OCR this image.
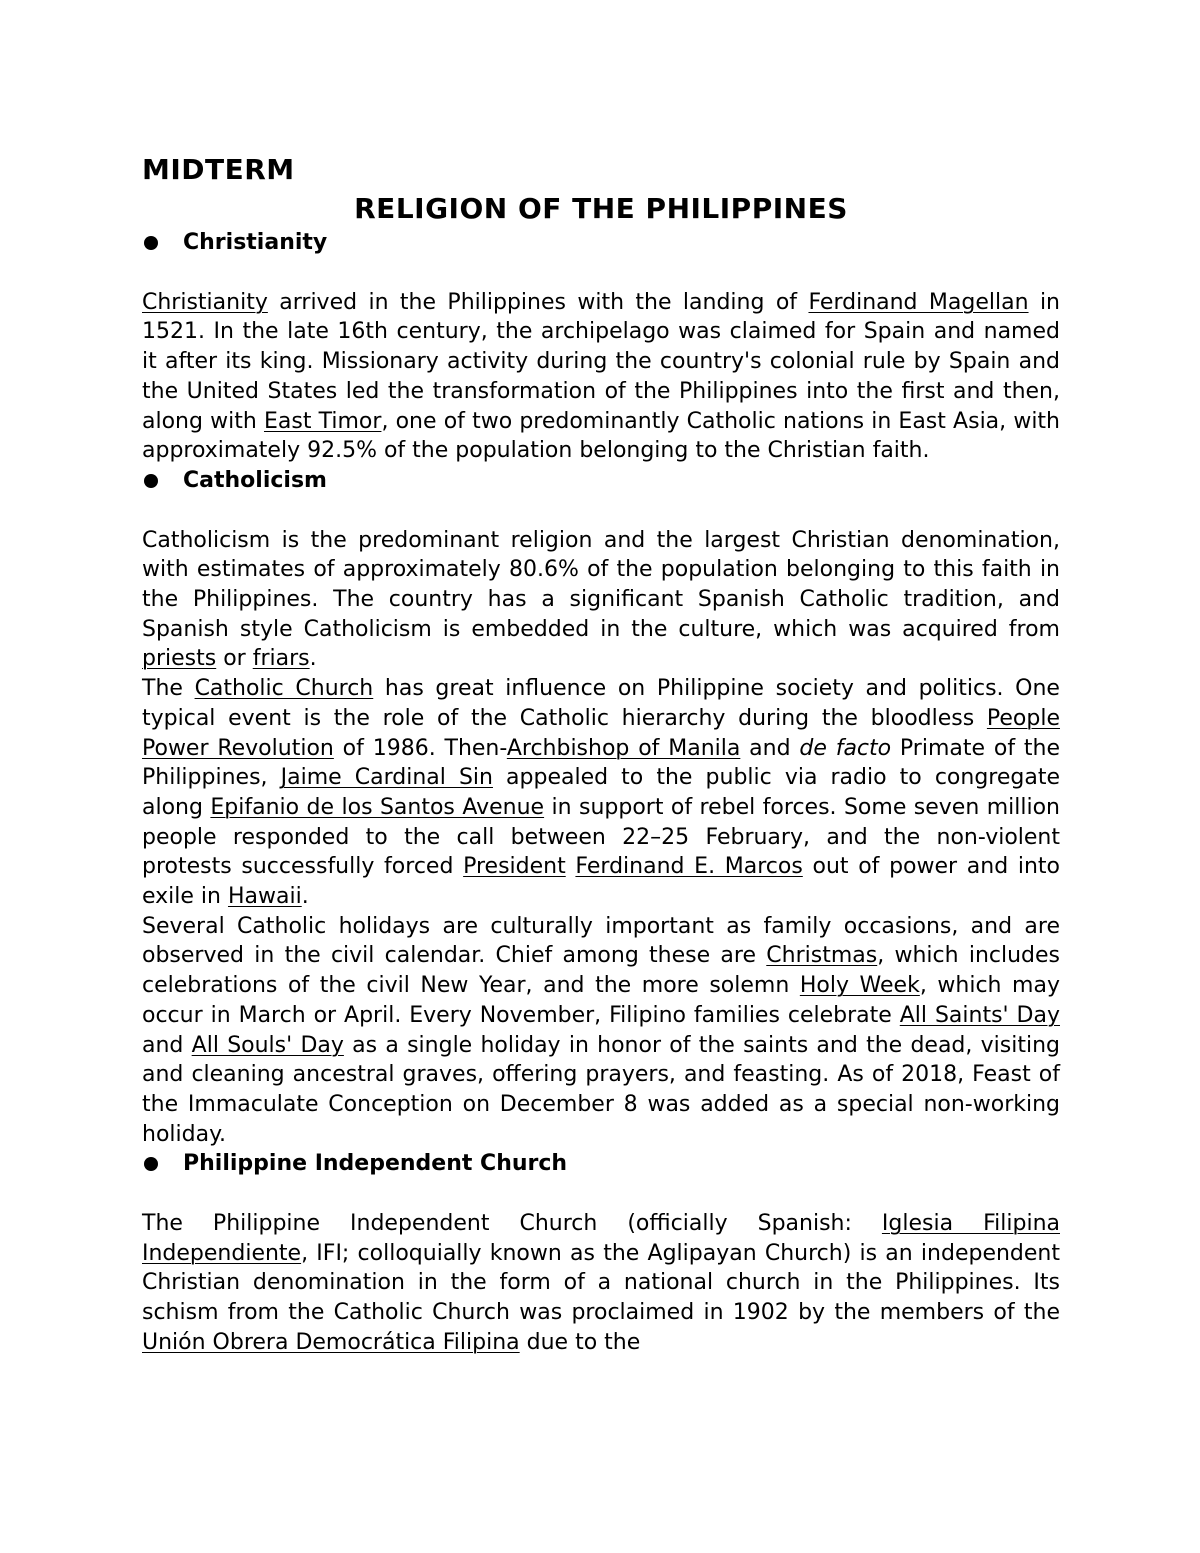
MIDTERM
RELIGION OF THE PHILIPPINES
Christianity

Christianity arrived in the Philippines with the landing of Ferdinand Magellan in 1521. In the late 16th century, the archipelago was claimed for Spain and named it after its king. Missionary activity during the country's colonial rule by Spain and the United States led the transformation of the Philippines into the first and then, along with East Timor, one of two predominantly Catholic nations in East Asia, with approximately 92.5% of the population belonging to the Christian faith.

Catholicism

Catholicism is the predominant religion and the largest Christian denomination, with estimates of approximately 80.6% of the population belonging to this faith in the Philippines. The country has a significant Spanish Catholic tradition, and Spanish style Catholicism is embedded in the culture, which was acquired from priests or friars.

The Catholic Church has great influence on Philippine society and politics. One typical event is the role of the Catholic hierarchy during the bloodless People Power Revolution of 1986. Then-Archbishop of Manila and de facto Primate of the Philippines, Jaime Cardinal Sin appealed to the public via radio to congregate along Epifanio de los Santos Avenue in support of rebel forces. Some seven million people responded to the call between 22–25 February, and the non-violent protests successfully forced President Ferdinand E. Marcos out of power and into exile in Hawaii.

Several Catholic holidays are culturally important as family occasions, and are observed in the civil calendar. Chief among these are Christmas, which includes celebrations of the civil New Year, and the more solemn Holy Week, which may occur in March or April. Every November, Filipino families celebrate All Saints' Day and All Souls' Day as a single holiday in honor of the saints and the dead, visiting and cleaning ancestral graves, offering prayers, and feasting. As of 2018, Feast of the Immaculate Conception on December 8 was added as a special non-working holiday.

Philippine Independent Church

The Philippine Independent Church (officially Spanish: Iglesia Filipina Independiente, IFI; colloquially known as the Aglipayan Church) is an independent Christian denomination in the form of a national church in the Philippines. Its schism from the Catholic Church was proclaimed in 1902 by the members of the Unión Obrera Democrática Filipina due to the
